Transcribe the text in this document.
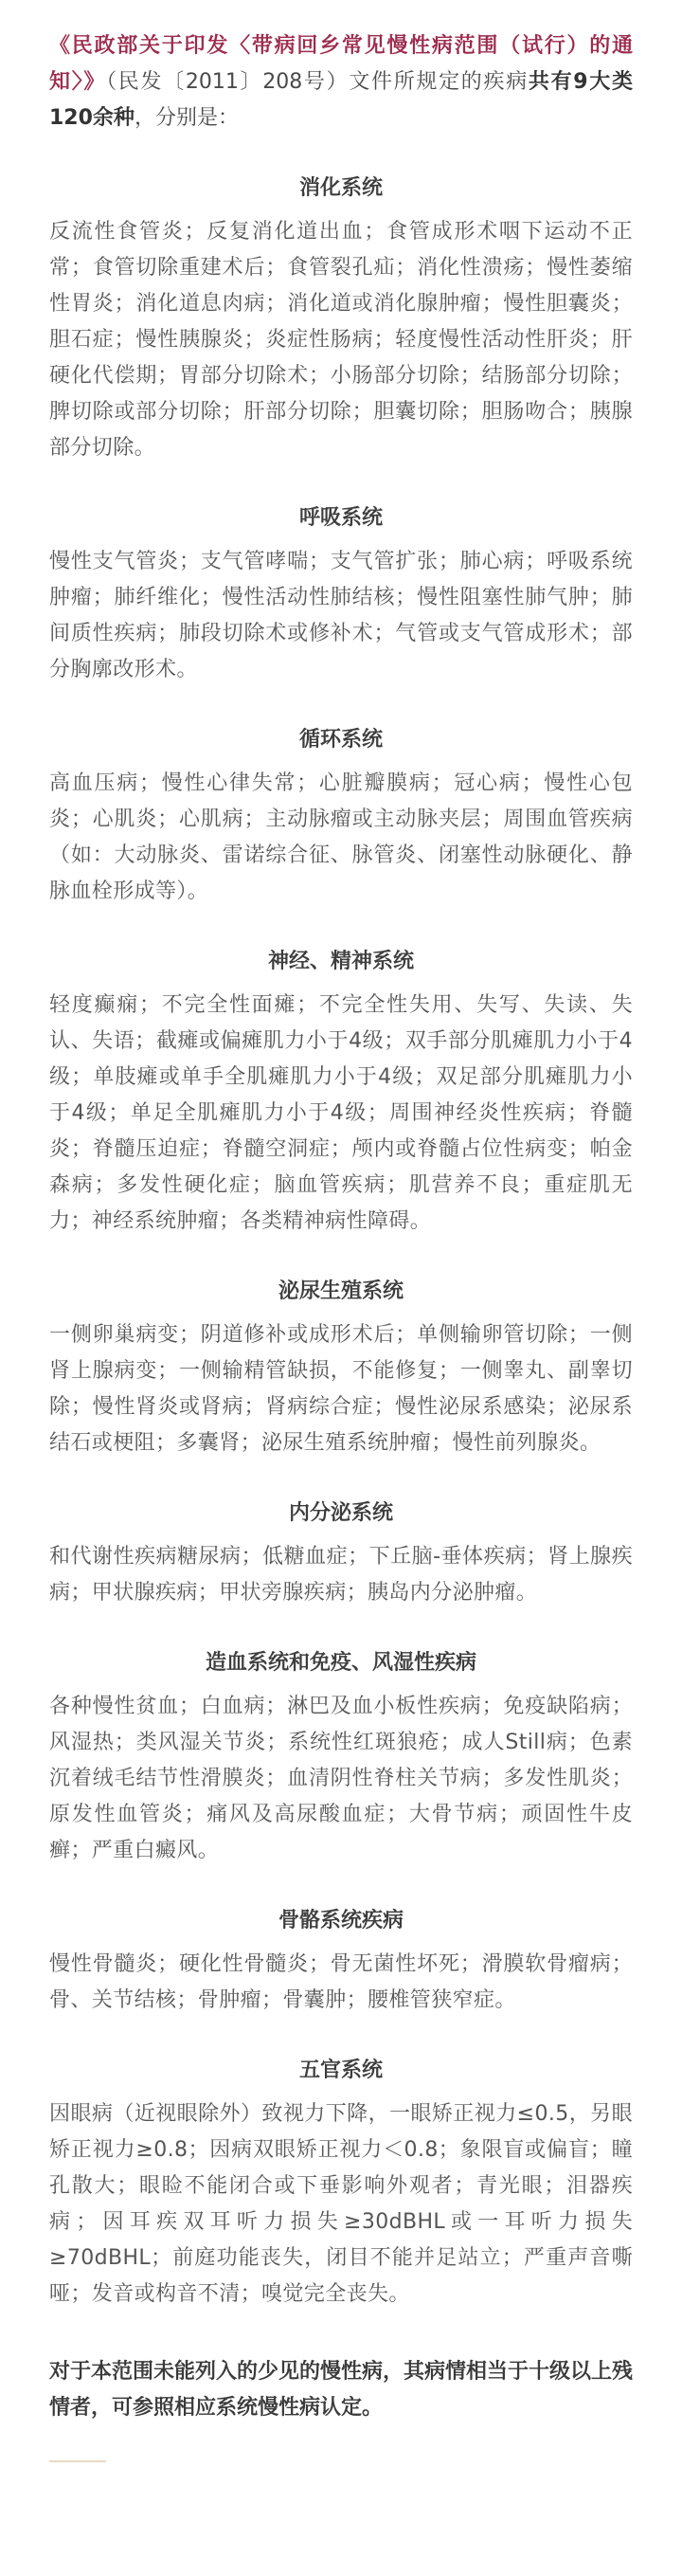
《民政部关于印发〈带病回乡常见慢性病范围（试行）的通知〉》（民发〔2011〕208号）文件所规定的疾病共有9大类120余种，分别是：

消化系统

反流性食管炎；反复消化道出血；食管成形术咽下运动不正常；食管切除重建术后；食管裂孔疝；消化性溃疡；慢性萎缩性胃炎；消化道息肉病；消化道或消化腺肿瘤；慢性胆囊炎；胆石症；慢性胰腺炎；炎症性肠病；轻度慢性活动性肝炎；肝硬化代偿期；胃部分切除术；小肠部分切除；结肠部分切除；脾切除或部分切除；肝部分切除；胆囊切除；胆肠吻合；胰腺部分切除。

呼吸系统

慢性支气管炎；支气管哮喘；支气管扩张；肺心病；呼吸系统肿瘤；肺纤维化；慢性活动性肺结核；慢性阻塞性肺气肿；肺间质性疾病；肺段切除术或修补术；气管或支气管成形术；部分胸廓改形术。

循环系统

高血压病；慢性心律失常；心脏瓣膜病；冠心病；慢性心包炎；心肌炎；心肌病；主动脉瘤或主动脉夹层；周围血管疾病（如：大动脉炎、雷诺综合征、脉管炎、闭塞性动脉硬化、静脉血栓形成等）。

神经、精神系统

轻度癫痫；不完全性面瘫；不完全性失用、失写、失读、失认、失语；截瘫或偏瘫肌力小于4级；双手部分肌瘫肌力小于4级；单肢瘫或单手全肌瘫肌力小于4级；双足部分肌瘫肌力小于4级；单足全肌瘫肌力小于4级；周围神经炎性疾病；脊髓炎；脊髓压迫症；脊髓空洞症；颅内或脊髓占位性病变；帕金森病；多发性硬化症；脑血管疾病；肌营养不良；重症肌无力；神经系统肿瘤；各类精神病性障碍。

泌尿生殖系统

一侧卵巢病变；阴道修补或成形术后；单侧输卵管切除；一侧肾上腺病变；一侧输精管缺损，不能修复；一侧睾丸、副睾切除；慢性肾炎或肾病；肾病综合症；慢性泌尿系感染；泌尿系结石或梗阻；多囊肾；泌尿生殖系统肿瘤；慢性前列腺炎。

内分泌系统

和代谢性疾病糖尿病；低糖血症；下丘脑-垂体疾病；肾上腺疾病；甲状腺疾病；甲状旁腺疾病；胰岛内分泌肿瘤。

造血系统和免疫、风湿性疾病

各种慢性贫血；白血病；淋巴及血小板性疾病；免疫缺陷病；风湿热；类风湿关节炎；系统性红斑狼疮；成人Still病；色素沉着绒毛结节性滑膜炎；血清阴性脊柱关节病；多发性肌炎；原发性血管炎；痛风及高尿酸血症；大骨节病；顽固性牛皮癣；严重白癜风。

骨骼系统疾病

慢性骨髓炎；硬化性骨髓炎；骨无菌性坏死；滑膜软骨瘤病；骨、关节结核；骨肿瘤；骨囊肿；腰椎管狭窄症。

五官系统

因眼病（近视眼除外）致视力下降，一眼矫正视力≤0.5，另眼矫正视力≥0.8；因病双眼矫正视力＜0.8；象限盲或偏盲；瞳孔散大；眼睑不能闭合或下垂影响外观者；青光眼；泪器疾病；因耳疾双耳听力损失≥30dBHL或一耳听力损失≥70dBHL；前庭功能丧失，闭目不能并足站立；严重声音嘶哑；发音或构音不清；嗅觉完全丧失。

对于本范围未能列入的少见的慢性病，其病情相当于十级以上残情者，可参照相应系统慢性病认定。
